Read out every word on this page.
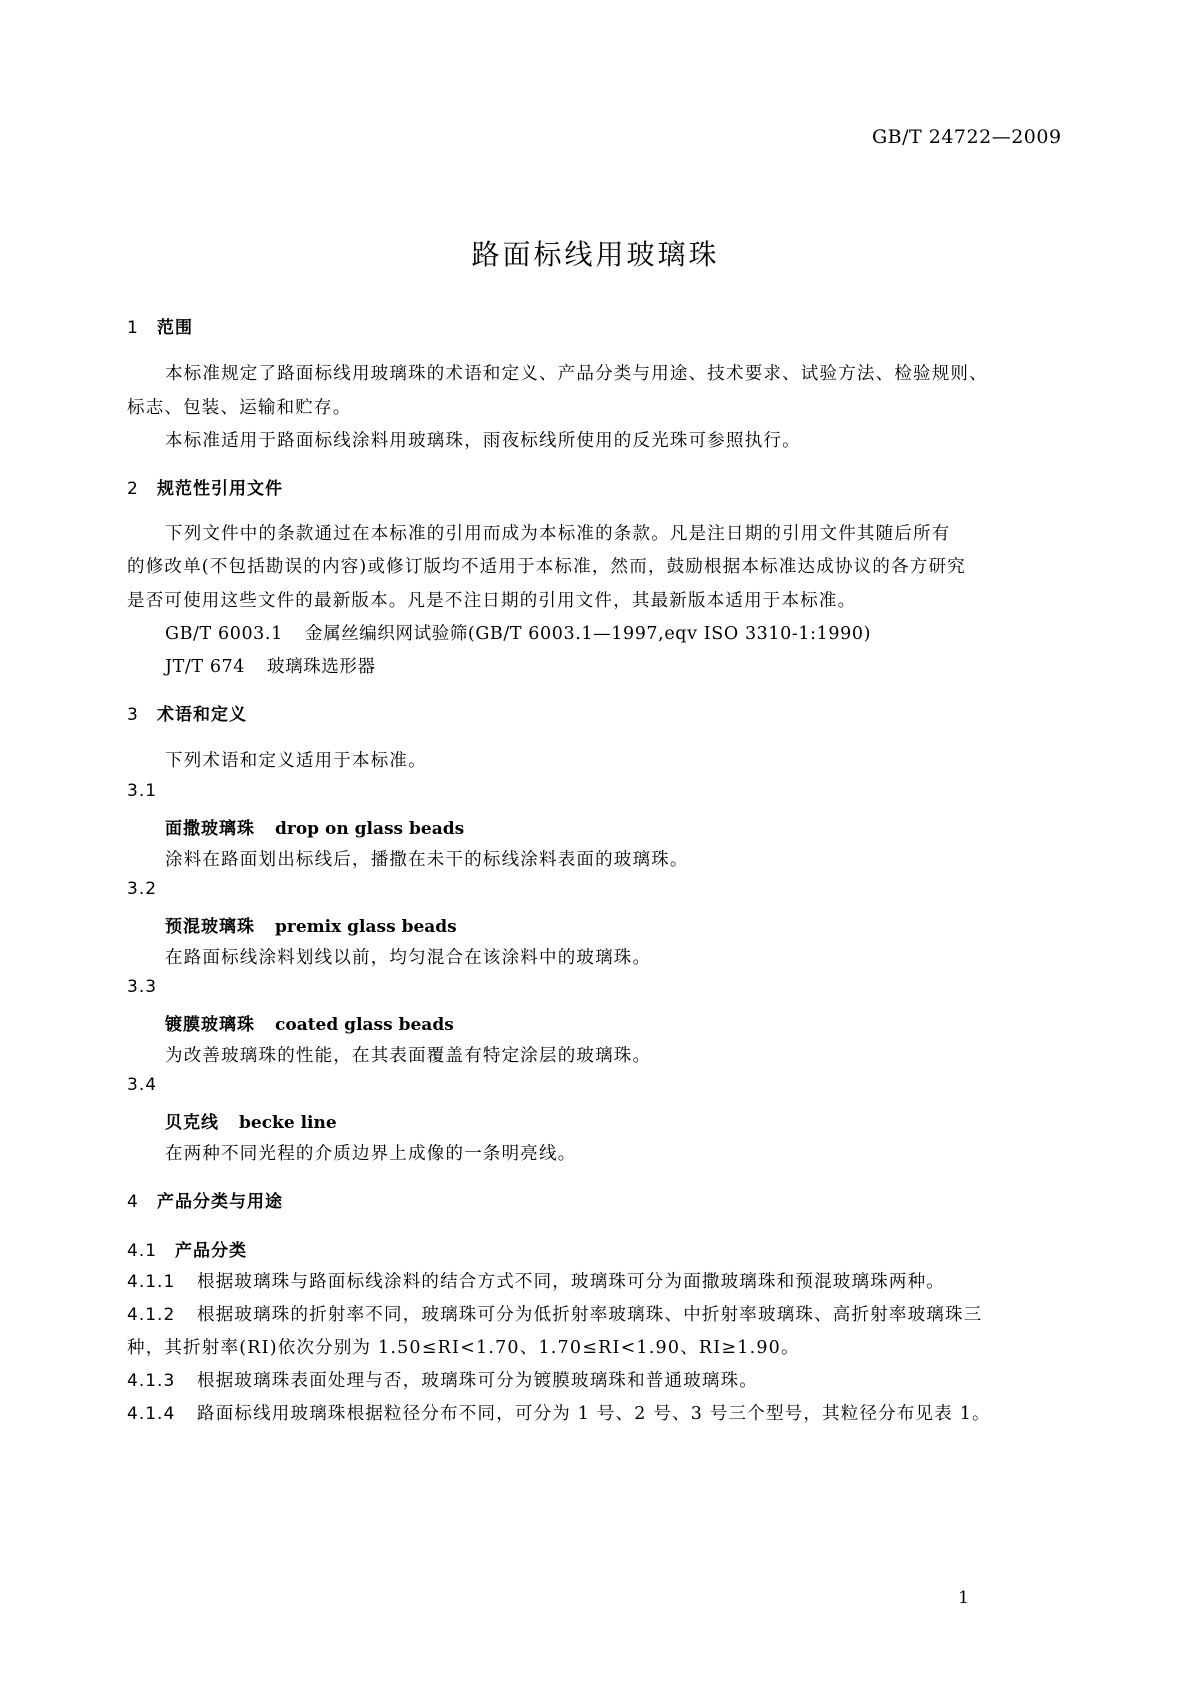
GB/T 24722—2009
路面标线用玻璃珠
1 范围
本标准规定了路面标线用玻璃珠的术语和定义、产品分类与用途、技术要求、试验方法、检验规则、
标志、包装、运输和贮存。
本标准适用于路面标线涂料用玻璃珠，雨夜标线所使用的反光珠可参照执行。
2 规范性引用文件
下列文件中的条款通过在本标准的引用而成为本标准的条款。凡是注日期的引用文件其随后所有
的修改单(不包括勘误的内容)或修订版均不适用于本标准，然而，鼓励根据本标准达成协议的各方研究
是否可使用这些文件的最新版本。凡是不注日期的引用文件，其最新版本适用于本标准。
GB/T 6003.1 金属丝编织网试验筛(GB/T 6003.1—1997,eqv ISO 3310-1:1990)
JT/T 674 玻璃珠选形器
3 术语和定义
下列术语和定义适用于本标准。
3.1
面撒玻璃珠 drop on glass beads
涂料在路面划出标线后，播撒在未干的标线涂料表面的玻璃珠。
3.2
预混玻璃珠 premix glass beads
在路面标线涂料划线以前，均匀混合在该涂料中的玻璃珠。
3.3
镀膜玻璃珠 coated glass beads
为改善玻璃珠的性能，在其表面覆盖有特定涂层的玻璃珠。
3.4
贝克线 becke line
在两种不同光程的介质边界上成像的一条明亮线。
4 产品分类与用途
4.1 产品分类
4.1.1 根据玻璃珠与路面标线涂料的结合方式不同，玻璃珠可分为面撒玻璃珠和预混玻璃珠两种。
4.1.2 根据玻璃珠的折射率不同，玻璃珠可分为低折射率玻璃珠、中折射率玻璃珠、高折射率玻璃珠三
种，其折射率(RI)依次分别为 1.50≤RI<1.70、1.70≤RI<1.90、RI≥1.90。
4.1.3 根据玻璃珠表面处理与否，玻璃珠可分为镀膜玻璃珠和普通玻璃珠。
4.1.4 路面标线用玻璃珠根据粒径分布不同，可分为 1 号、2 号、3 号三个型号，其粒径分布见表 1。
1
